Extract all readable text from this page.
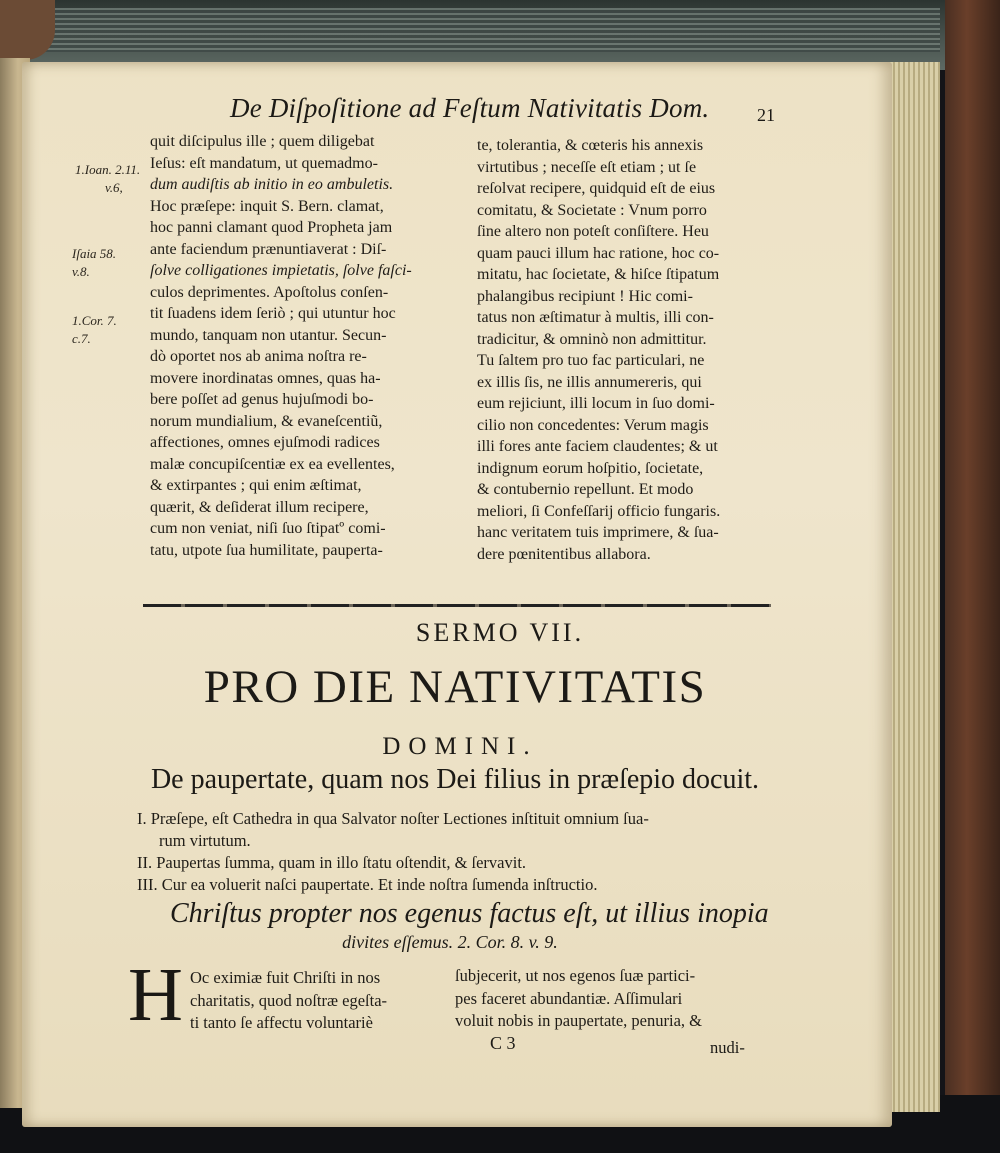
De Diſpoſitione ad Feſtum Nativitatis Dom.	21
1.Ioan. 2.11.
v.6,
Iſaia 58.
v.8.
1.Cor. 7.
c.7.
quit diſcipulus ille ; quem diligebat
Ieſus: eſt mandatum, ut quemadmo-
dum audiſtis ab initio in eo ambuletis.
Hoc præſepe: inquit S. Bern. clamat,
hoc panni clamant quod Propheta jam
ante faciendum prænuntiaverat : Diſ-
ſolve colligationes impietatis, ſolve faſci-
culos deprimentes. Apoſtolus conſen-
tit ſuadens idem ſeriò ; qui utuntur hoc
mundo, tanquam non utantur. Secun-
dò oportet nos ab anima noſtra re-
movere inordinatas omnes, quas ha-
bere poſſet ad genus hujuſmodi bo-
norum mundialium, & evaneſcentiũ,
affectiones, omnes ejuſmodi radices
malæ concupiſcentiæ ex ea evellentes,
& extirpantes ; qui enim æſtimat,
quærit, & deſiderat illum recipere,
cum non veniat, niſi ſuo ſtipatº comi-
tatu, utpote ſua humilitate, pauperta-
te, tolerantia, & cœteris his annexis
virtutibus ; neceſſe eſt etiam ; ut ſe
reſolvat recipere, quidquid eſt de eius
comitatu, & Societate : Vnum porro
ſine altero non poteſt conſiſtere. Heu
quam pauci illum hac ratione, hoc co-
mitatu, hac ſocietate, & hiſce ſtipatum
phalangibus recipiunt ! Hic comi-
tatus non æſtimatur à multis, illi con-
tradicitur, & omninò non admittitur.
Tu ſaltem pro tuo fac particulari, ne
ex illis ſis, ne illis annumereris, qui
eum rejiciunt, illi locum in ſuo domi-
cilio non concedentes: Verum magis
illi fores ante faciem claudentes; & ut
indignum eorum hoſpitio, ſocietate,
& contubernio repellunt. Et modo
meliori, ſi Confeſſarij officio fungaris.
hanc veritatem tuis imprimere, & ſua-
dere pœnitentibus allabora.
SERMO VII.
PRO DIE NATIVITATIS
DOMINI.
De paupertate, quam nos Dei filius in præſepio docuit.
I. Præſepe, eſt Cathedra in qua Salvator noſter Lectiones inſtituit omnium ſua-
rum virtutum.
II. Paupertas ſumma, quam in illo ſtatu oſtendit, & ſervavit.
III. Cur ea voluerit naſci paupertate. Et inde noſtra ſumenda inſtructio.
Chriſtus propter nos egenus factus eſt, ut illius inopia
divites eſſemus. 2. Cor. 8. v. 9.
H Oc eximiæ fuit Chriſti in nos
charitatis, quod noſtræ egeſta-
ti tanto ſe affectu voluntariè
ſubjecerit, ut nos egenos ſuæ partici-
pes faceret abundantiæ. Aſſimulari
voluit nobis in paupertate, penuria, &
C 3	nudi-
